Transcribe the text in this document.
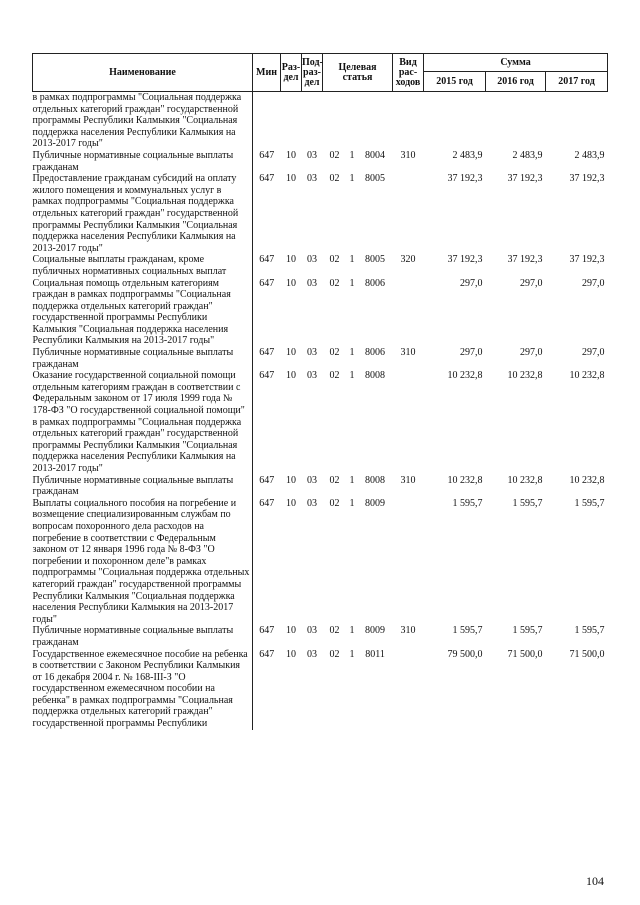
Наименование	Мин	Раз-дел	Под-раз-дел	Целевая статья			Вид рас-ходов	Сумма		
								2015 год	2016 год	2017 год
в рамках подпрограммы "Социальная поддержка отдельных категорий граждан" государственной программы Республики Калмыкия "Социальная поддержка населения Республики Калмыкия на 2013-2017 годы"										
Публичные нормативные социальные выплаты гражданам	647	10	03	02	1	8004	310	2 483,9	2 483,9	2 483,9
Предоставление гражданам субсидий на оплату жилого помещения и коммунальных услуг в рамках подпрограммы "Социальная поддержка отдельных категорий граждан" государственной программы Республики Калмыкия "Социальная поддержка населения Республики Калмыкия на 2013-2017 годы"	647	10	03	02	1	8005		37 192,3	37 192,3	37 192,3
Социальные выплаты гражданам, кроме публичных нормативных социальных выплат	647	10	03	02	1	8005	320	37 192,3	37 192,3	37 192,3
Социальная помощь отдельным категориям граждан в рамках подпрограммы "Социальная поддержка отдельных категорий граждан" государственной программы Республики Калмыкия "Социальная поддержка населения Республики Калмыкия на 2013-2017 годы"	647	10	03	02	1	8006		297,0	297,0	297,0
Публичные нормативные социальные выплаты гражданам	647	10	03	02	1	8006	310	297,0	297,0	297,0
Оказание государственной социальной помощи отдельным категориям граждан в соответствии с Федеральным законом от 17 июля 1999 года № 178-ФЗ "О государственной социальной помощи" в рамках подпрограммы "Социальная поддержка отдельных категорий граждан" государственной программы Республики Калмыкия "Социальная поддержка населения Республики Калмыкия на 2013-2017 годы"	647	10	03	02	1	8008		10 232,8	10 232,8	10 232,8
Публичные нормативные социальные выплаты гражданам	647	10	03	02	1	8008	310	10 232,8	10 232,8	10 232,8
Выплаты социального пособия на погребение и возмещение специализированным службам по вопросам похоронного дела расходов на погребение в соответствии с Федеральным законом от 12 января 1996 года № 8-ФЗ "О погребении и похоронном деле"в рамках подпрограммы "Социальная поддержка отдельных категорий граждан" государственной программы Республики Калмыкия "Социальная поддержка населения Республики Калмыкия на 2013-2017 годы"	647	10	03	02	1	8009		1 595,7	1 595,7	1 595,7
Публичные нормативные социальные выплаты гражданам	647	10	03	02	1	8009	310	1 595,7	1 595,7	1 595,7
Государственное ежемесячное пособие на ребенка в соответствии с Законом Республики Калмыкия от 16 декабря 2004 г. № 168-III-З "О государственном ежемесячном пособии на ребенка" в рамках подпрограммы "Социальная поддержка отдельных категорий граждан" государственной программы Республики	647	10	03	02	1	8011		79 500,0	71 500,0	71 500,0
104
